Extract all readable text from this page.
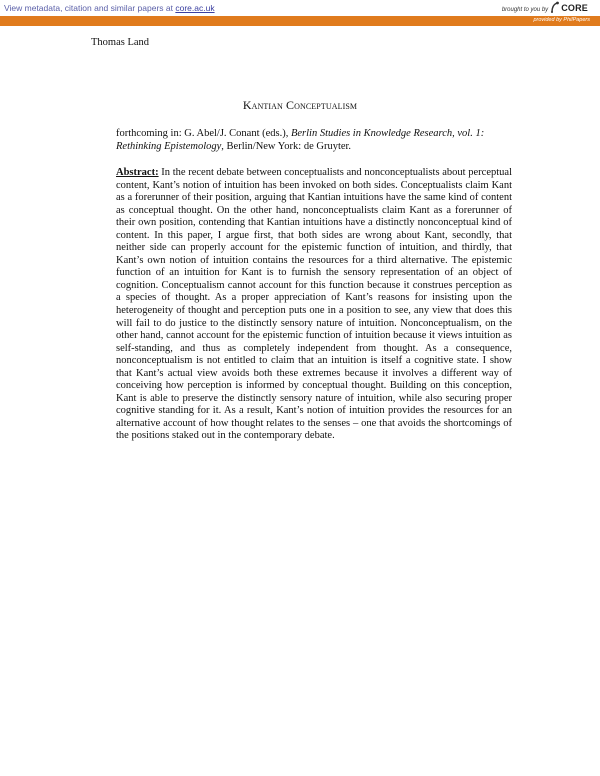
View metadata, citation and similar papers at core.ac.uk	brought to you by CORE
provided by PhilPapers
Thomas Land
Kantian Conceptualism
forthcoming in: G. Abel/J. Conant (eds.), Berlin Studies in Knowledge Research, vol. 1: Rethinking Epistemology, Berlin/New York: de Gruyter.
Abstract: In the recent debate between conceptualists and nonconceptualists about perceptual content, Kant’s notion of intuition has been invoked on both sides. Conceptualists claim Kant as a forerunner of their position, arguing that Kantian intuitions have the same kind of content as conceptual thought. On the other hand, nonconceptualists claim Kant as a forerunner of their own position, contending that Kantian intuitions have a distinctly nonconceptual kind of content. In this paper, I argue first, that both sides are wrong about Kant, secondly, that neither side can properly account for the epistemic function of intuition, and thirdly, that Kant’s own notion of intuition contains the resources for a third alternative. The epistemic function of an intuition for Kant is to furnish the sensory representation of an object of cognition. Conceptualism cannot account for this function because it construes perception as a species of thought. As a proper appreciation of Kant’s reasons for insisting upon the heterogeneity of thought and perception puts one in a position to see, any view that does this will fail to do justice to the distinctly sensory nature of intuition. Nonconceptualism, on the other hand, cannot account for the epistemic function of intuition because it views intuition as self-standing, and thus as completely independent from thought. As a consequence, nonconceptualism is not entitled to claim that an intuition is itself a cognitive state. I show that Kant’s actual view avoids both these extremes because it involves a different way of conceiving how perception is informed by conceptual thought. Building on this conception, Kant is able to preserve the distinctly sensory nature of intuition, while also securing proper cognitive standing for it. As a result, Kant’s notion of intuition provides the resources for an alternative account of how thought relates to the senses – one that avoids the shortcomings of the positions staked out in the contemporary debate.
